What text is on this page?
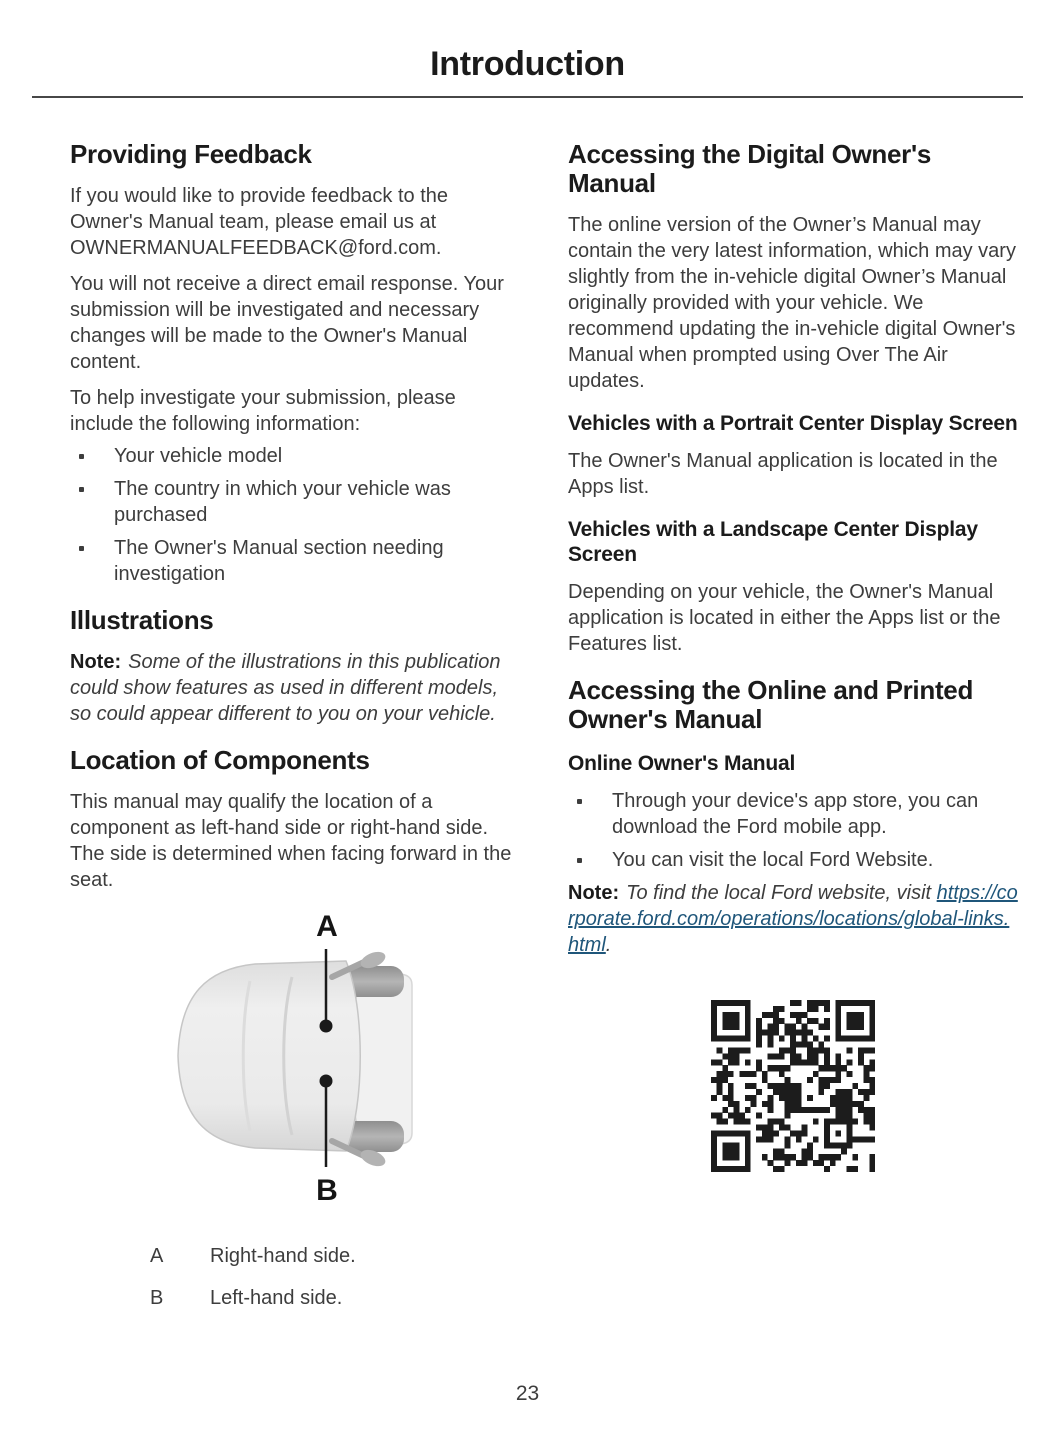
Introduction
Providing Feedback

If you would like to provide feedback to the Owner's Manual team, please email us at OWNERMANUALFEEDBACK@ford.com.

You will not receive a direct email response. Your submission will be investigated and necessary changes will be made to the Owner's Manual content.

To help investigate your submission, please include the following information:

Your vehicle model
The country in which your vehicle was purchased
The Owner's Manual section needing investigation
Illustrations

Note: Some of the illustrations in this publication could show features as used in different models, so could appear different to you on your vehicle.

Location of Components

This manual may qualify the location of a component as left-hand side or right-hand side.  The side is determined when facing forward in the seat.

A
B
A	Right-hand side.
B	Left-hand side.
Accessing the Digital Owner's Manual

The online version of the Owner’s Manual may contain the very latest information, which may vary slightly from the in-vehicle digital Owner’s Manual originally provided with your vehicle. We recommend updating the in-vehicle digital Owner's Manual when prompted using Over The Air updates.

Vehicles with a Portrait Center Display Screen

The Owner's Manual application is located in the Apps list.

Vehicles with a Landscape Center Display Screen

Depending on your vehicle, the Owner's Manual application is located in either the Apps list or the Features list.

Accessing the Online and Printed Owner's Manual
Online Owner's Manual
Through your device's app store, you can download the Ford mobile app.
You can visit the local Ford Website.

Note: To find the local Ford website, visit https://corporate.ford.com/operations/locations/global-links.html.

23
